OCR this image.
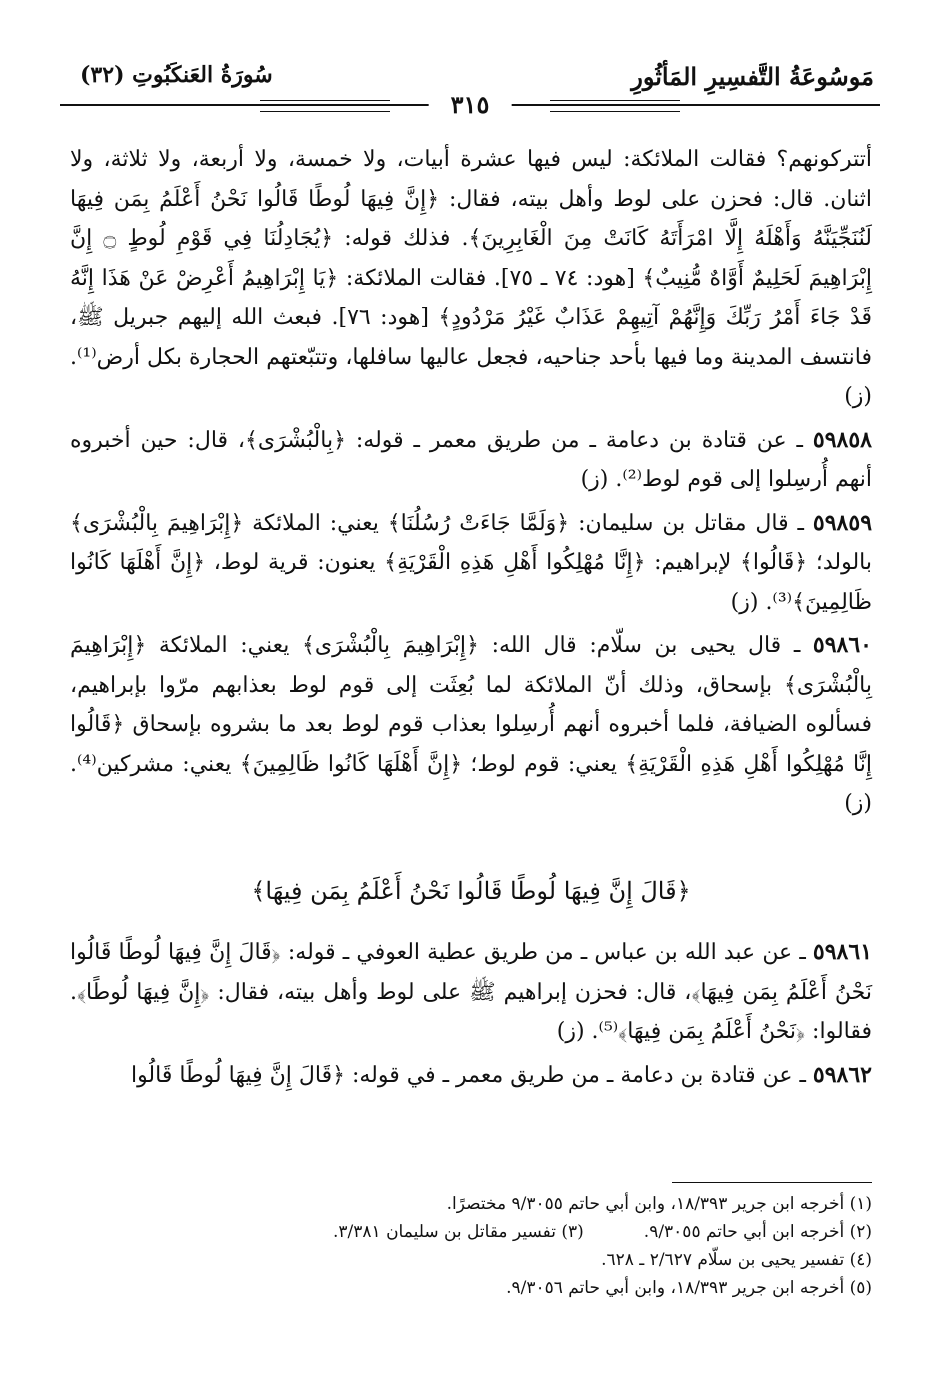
سُورَةُ العَنكَبُوتِ (٣٢)	مَوسُوعَةُ التَّفسِيرِ المَأثُورِ
٣١٥

أتتركونهم؟ فقالت الملائكة: ليس فيها عشرة أبيات، ولا خمسة، ولا أربعة، ولا ثلاثة، ولا اثنان. قال: فحزن على لوط وأهل بيته، فقال: ﴿إِنَّ فِيهَا لُوطًا قَالُوا نَحْنُ أَعْلَمُ بِمَن فِيهَا لَنُنَجِّيَنَّهُ وَأَهْلَهُ إِلَّا امْرَأَتَهُ كَانَتْ مِنَ الْغَابِرِينَ﴾. فذلك قوله: ﴿يُجَادِلُنَا فِي قَوْمِ لُوطٍ ۝ إِنَّ إِبْرَاهِيمَ لَحَلِيمٌ أَوَّاهٌ مُّنِيبٌ﴾ [هود: ٧٤ ـ ٧٥]. فقالت الملائكة: ﴿يَا إِبْرَاهِيمُ أَعْرِضْ عَنْ هَذَا إِنَّهُ قَدْ جَاءَ أَمْرُ رَبِّكَ وَإِنَّهُمْ آتِيهِمْ عَذَابٌ غَيْرُ مَرْدُودٍ﴾ [هود: ٧٦]. فبعث الله إليهم جبريل ﷺ، فانتسف المدينة وما فيها بأحد جناحيه، فجعل عاليها سافلها، وتتبّعتهم الحجارة بكل أرض⁽¹⁾. (ز)

٥٩٨٥٨ ـ عن قتادة بن دعامة ـ من طريق معمر ـ قوله: ﴿بِالْبُشْرَى﴾، قال: حين أخبروه أنهم أُرسِلوا إلى قوم لوط⁽²⁾. (ز)

٥٩٨٥٩ ـ قال مقاتل بن سليمان: ﴿وَلَمَّا جَاءَتْ رُسُلُنَا﴾ يعني: الملائكة ﴿إِبْرَاهِيمَ بِالْبُشْرَى﴾ بالولد؛ ﴿قَالُوا﴾ لإبراهيم: ﴿إِنَّا مُهْلِكُوا أَهْلِ هَذِهِ الْقَرْيَةِ﴾ يعنون: قرية لوط، ﴿إِنَّ أَهْلَهَا كَانُوا ظَالِمِينَ﴾⁽³⁾. (ز)

٥٩٨٦٠ ـ قال يحيى بن سلّام: قال الله: ﴿إِبْرَاهِيمَ بِالْبُشْرَى﴾ يعني: الملائكة ﴿إِبْرَاهِيمَ بِالْبُشْرَى﴾ بإسحاق، وذلك أنّ الملائكة لما بُعِثَت إلى قوم لوط بعذابهم مرّوا بإبراهيم، فسألوه الضيافة، فلما أخبروه أنهم أُرسِلوا بعذاب قوم لوط بعد ما بشروه بإسحاق ﴿قَالُوا إِنَّا مُهْلِكُوا أَهْلِ هَذِهِ الْقَرْيَةِ﴾ يعني: قوم لوط؛ ﴿إِنَّ أَهْلَهَا كَانُوا ظَالِمِينَ﴾ يعني: مشركين⁽⁴⁾. (ز)

﴿قَالَ إِنَّ فِيهَا لُوطًا قَالُوا نَحْنُ أَعْلَمُ بِمَن فِيهَا﴾

٥٩٨٦١ ـ عن عبد الله بن عباس ـ من طريق عطية العوفي ـ قوله: ﴿قَالَ إِنَّ فِيهَا لُوطًا قَالُوا نَحْنُ أَعْلَمُ بِمَن فِيهَا﴾، قال: فحزن إبراهيم ﷺ على لوط وأهل بيته، فقال: ﴿إِنَّ فِيهَا لُوطًا﴾. فقالوا: ﴿نَحْنُ أَعْلَمُ بِمَن فِيهَا﴾⁽⁵⁾. (ز)

٥٩٨٦٢ ـ عن قتادة بن دعامة ـ من طريق معمر ـ في قوله: ﴿قَالَ إِنَّ فِيهَا لُوطًا قَالُوا

(١) أخرجه ابن جرير ١٨/٣٩٣، وابن أبي حاتم ٩/٣٠٥٥ مختصرًا.
(٢) أخرجه ابن أبي حاتم ٩/٣٠٥٥.
(٣) تفسير مقاتل بن سليمان ٣/٣٨١.
(٤) تفسير يحيى بن سلّام ٢/٦٢٧ ـ ٦٢٨.
(٥) أخرجه ابن جرير ١٨/٣٩٣، وابن أبي حاتم ٩/٣٠٥٦.
